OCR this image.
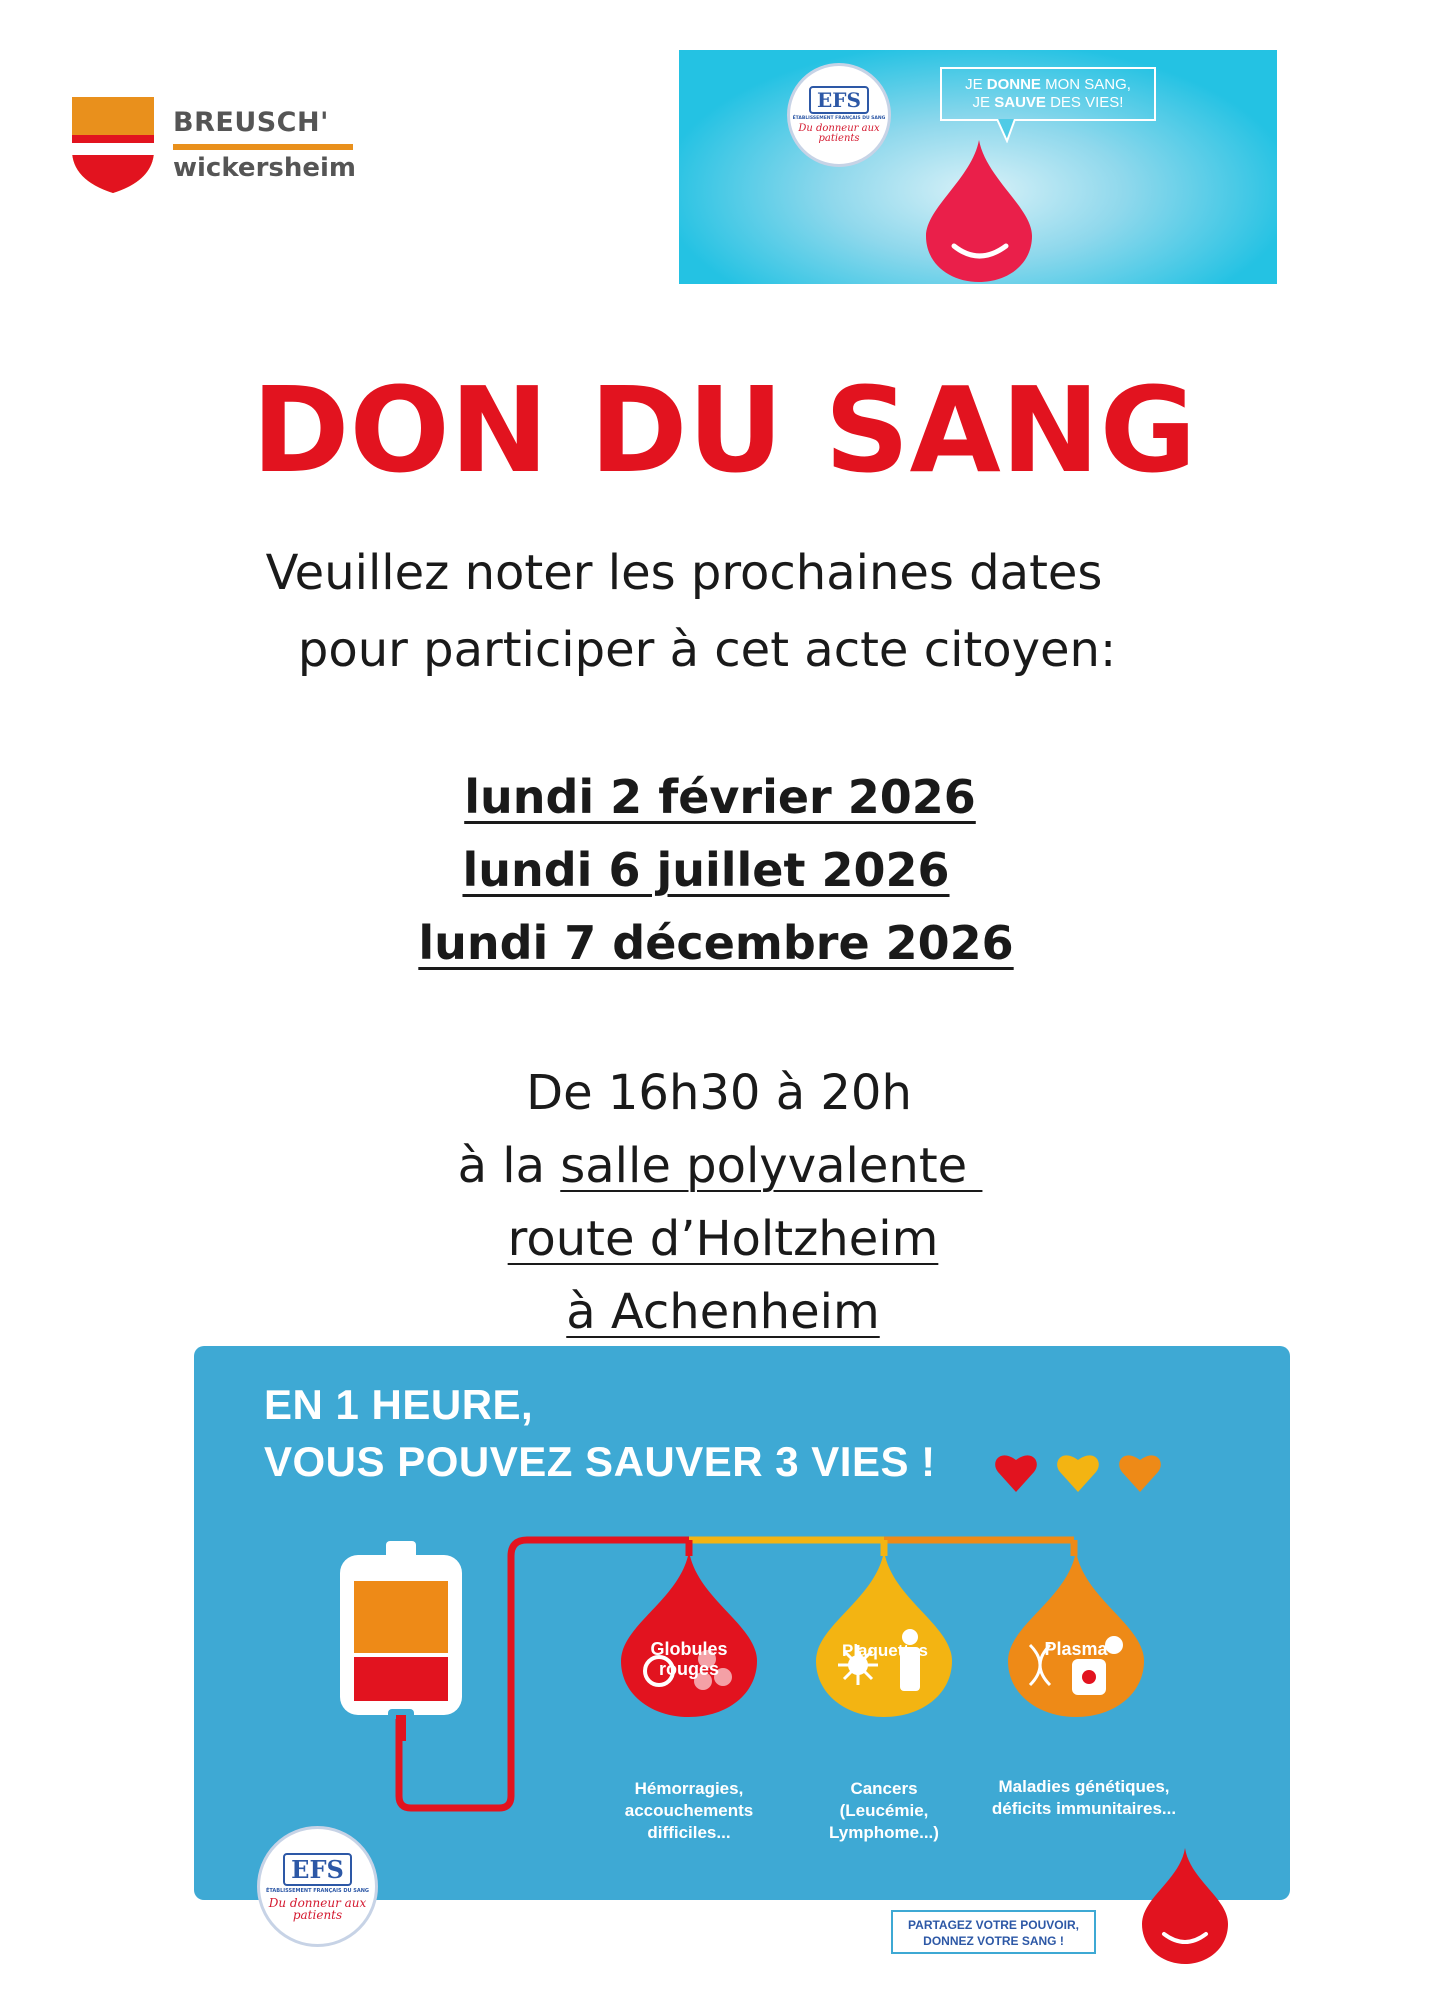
BREUSCH'
wickersheim
EFS
ÉTABLISSEMENT FRANÇAIS DU SANG
Du donneur aux patients
JE DONNE MON SANG,
JE SAUVE DES VIES!
DON DU SANG
Veuillez noter les prochaines dates
pour participer à cet acte citoyen:
lundi 2 février 2026
lundi 6 juillet 2026
lundi 7 décembre 2026
De 16h30 à 20h
à la salle polyvalente
route d’Holtzheim
à Achenheim
EN 1 HEURE,
VOUS POUVEZ SAUVER 3 VIES !
Globules
rouges
Plaquettes	Plasma
Hémorragies,
accouchements
difficiles...
Cancers
(Leucémie,
Lymphome...)
Maladies génétiques,
déficits immunitaires...
EFS
ÉTABLISSEMENT FRANÇAIS DU SANG
Du donneur aux patients
PARTAGEZ VOTRE POUVOIR,
DONNEZ VOTRE SANG !
